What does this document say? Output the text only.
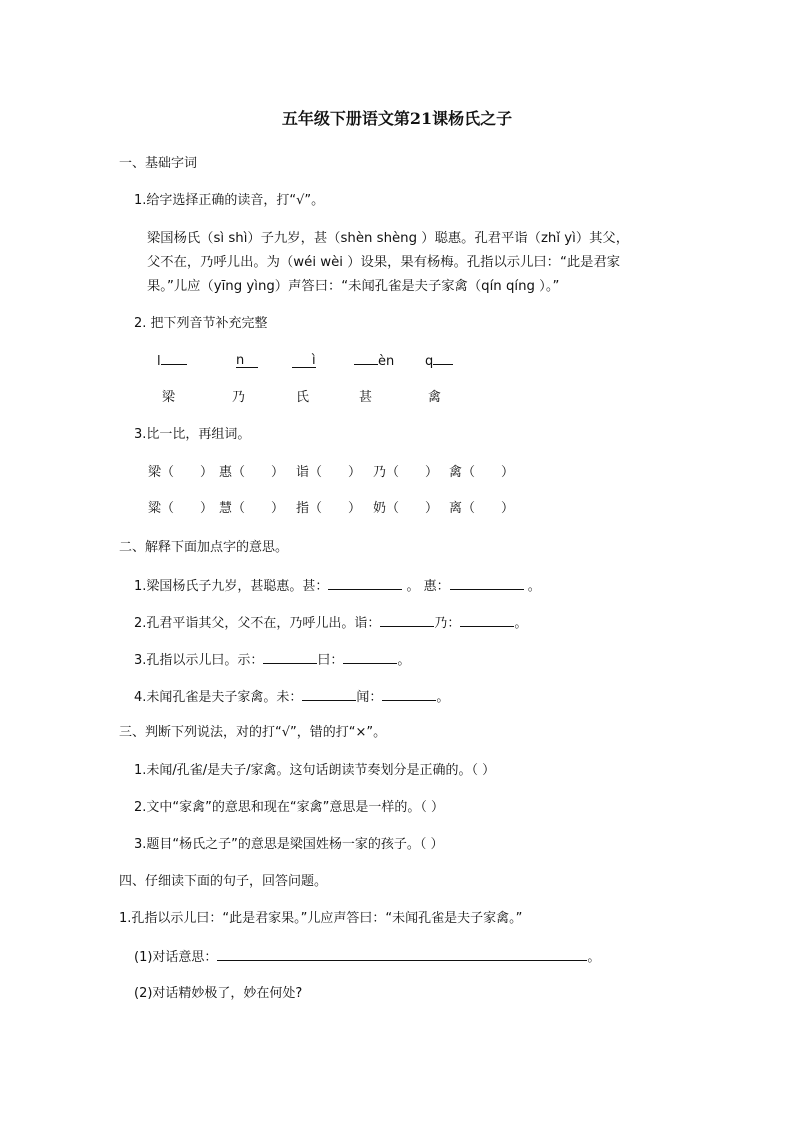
五年级下册语文第21课杨氏之子
一、基础字词
1.给字选择正确的读音，打“√”。
梁国杨氏（sì shì）子九岁，甚（shèn shèng ）聪惠。孔君平诣（zhǐ yì）其父，
父不在，乃呼儿出。为（wéi wèi ）设果，果有杨梅。孔指以示儿曰：“此是君家
果。”儿应（yīng yìng）声答曰：“未闻孔雀是夫子家禽（qín qíng ）。”
2. 把下列音节补充完整
l	n	ì	èn q
梁	乃	氏	甚	禽
3.比一比，再组词。
梁（　　） 惠（　　） 诣（　　） 乃（　　） 禽（　　）
粱（　　） 慧（　　） 指（　　） 奶（　　） 离（　　）
二、解释下面加点字的意思。
1.梁国杨氏子九岁，甚聪惠。甚：	。 惠：	。
2.孔君平诣其父，父不在，乃呼儿出。诣：	乃：	。
3.孔指以示儿曰。示：	曰：	。
4.未闻孔雀是夫子家禽。未：	闻：	。
三、判断下列说法，对的打“√”，错的打“×”。
1.未闻/孔雀/是夫子/家禽。这句话朗读节奏划分是正确的。（ ）
2.文中“家禽”的意思和现在“家禽”意思是一样的。（ ）
3.题目“杨氏之子”的意思是梁国姓杨一家的孩子。（ ）
四、仔细读下面的句子，回答问题。
1.孔指以示儿曰：“此是君家果。”儿应声答曰：“未闻孔雀是夫子家禽。”
(1)对话意思：	。
(2)对话精妙极了，妙在何处?
